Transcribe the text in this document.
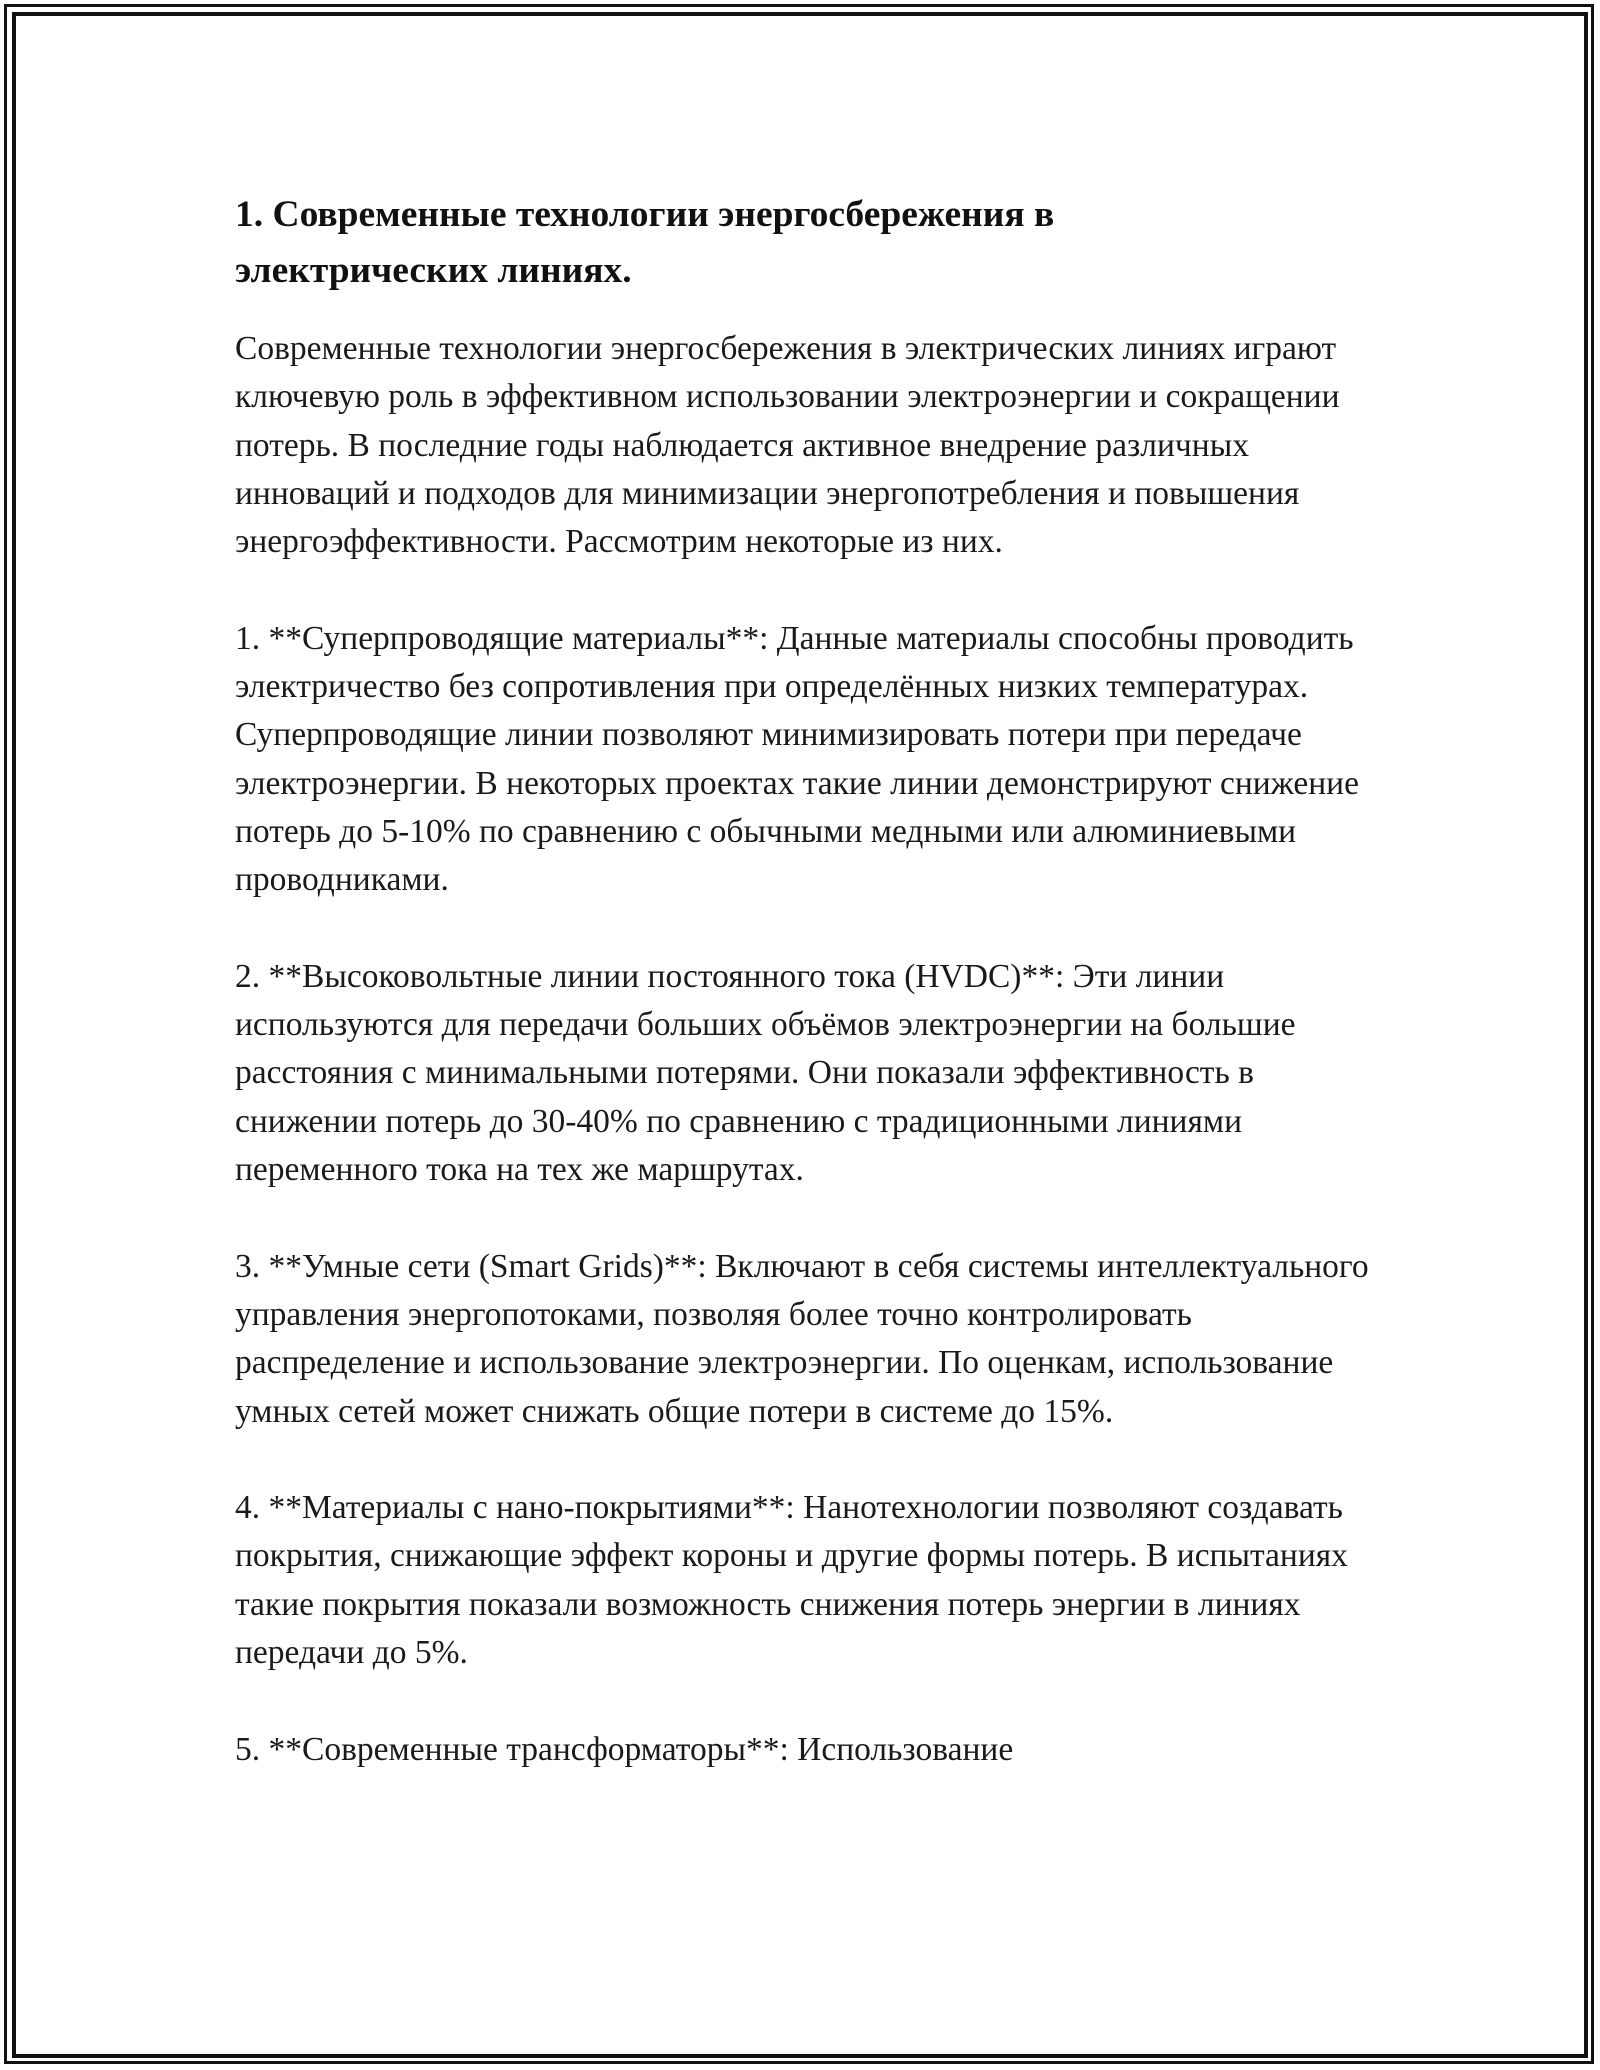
1. Современные технологии энергосбережения в электрических линиях.

Современные технологии энергосбережения в электрических линиях играют ключевую роль в эффективном использовании электроэнергии и сокращении потерь. В последние годы наблюдается активное внедрение различных инноваций и подходов для минимизации энергопотребления и повышения энергоэффективности. Рассмотрим некоторые из них.

1. **Суперпроводящие материалы**: Данные материалы способны проводить электричество без сопротивления при определённых низких температурах. Суперпроводящие линии позволяют минимизировать потери при передаче электроэнергии. В некоторых проектах такие линии демонстрируют снижение потерь до 5-10% по сравнению с обычными медными или алюминиевыми проводниками.

2. **Высоковольтные линии постоянного тока (HVDC)**: Эти линии используются для передачи больших объёмов электроэнергии на большие расстояния с минимальными потерями. Они показали эффективность в снижении потерь до 30-40% по сравнению с традиционными линиями переменного тока на тех же маршрутах.

3. **Умные сети (Smart Grids)**: Включают в себя системы интеллектуального управления энергопотоками, позволяя более точно контролировать распределение и использование электроэнергии. По оценкам, использование умных сетей может снижать общие потери в системе до 15%.

4. **Материалы с нано-покрытиями**: Нанотехнологии позволяют создавать покрытия, снижающие эффект короны и другие формы потерь. В испытаниях такие покрытия показали возможность снижения потерь энергии в линиях передачи до 5%.

5. **Современные трансформаторы**: Использование
